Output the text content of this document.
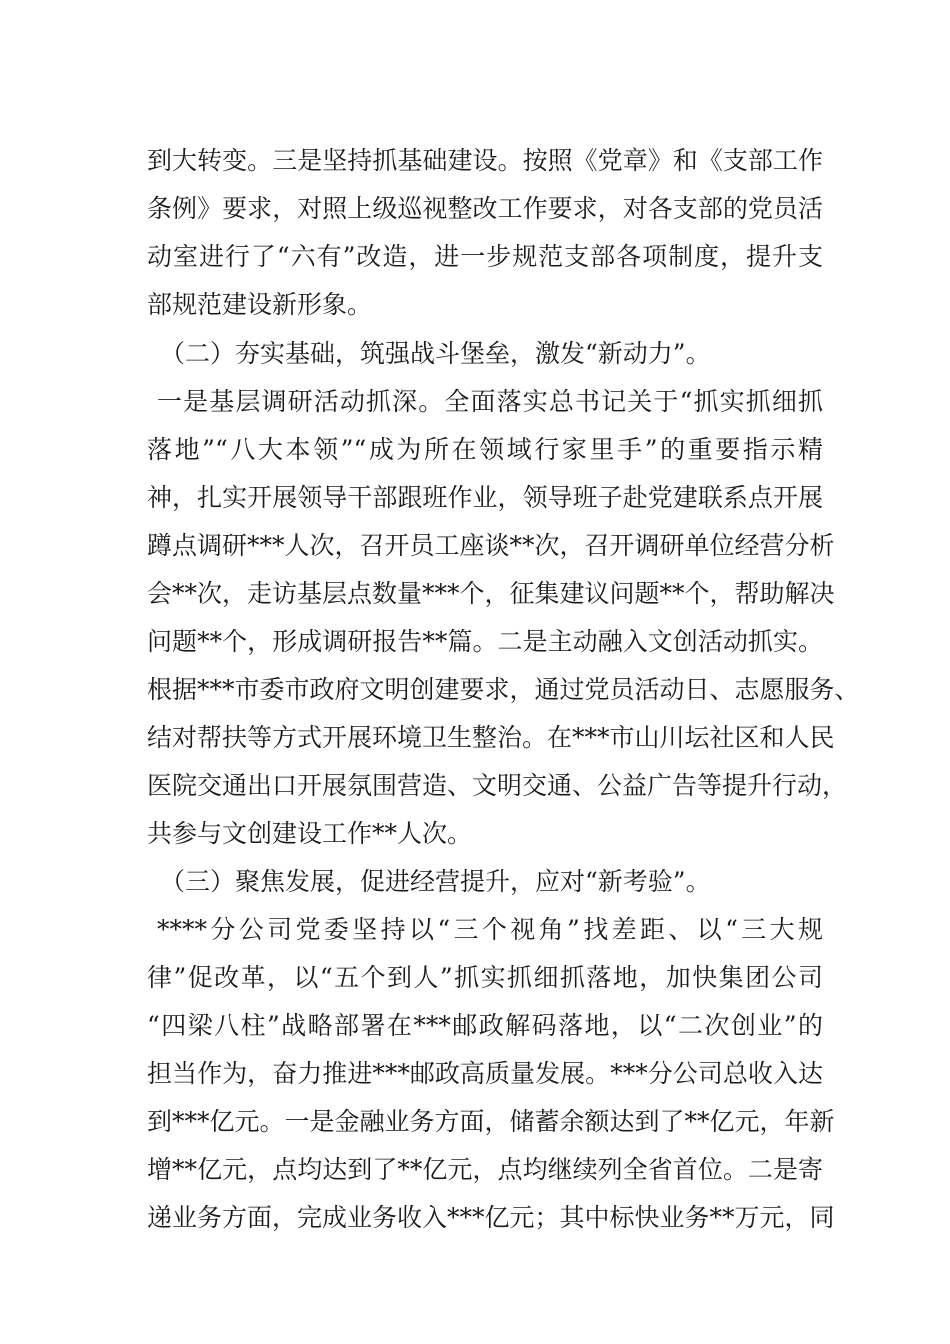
到大转变。三是坚持抓基础建设。按照《党章》和《支部工作
条例》要求，对照上级巡视整改工作要求，对各支部的党员活
动室进行了“六有”改造，进一步规范支部各项制度，提升支
部规范建设新形象。
（二）夯实基础，筑强战斗堡垒，激发“新动力”。
一是基层调研活动抓深。全面落实总书记关于“抓实抓细抓
落地”“八大本领”“成为所在领域行家里手”的重要指示精
神，扎实开展领导干部跟班作业，领导班子赴党建联系点开展
蹲点调研***人次，召开员工座谈**次，召开调研单位经营分析
会**次，走访基层点数量***个，征集建议问题**个，帮助解决
问题**个，形成调研报告**篇。二是主动融入文创活动抓实。
根据***市委市政府文明创建要求，通过党员活动日、志愿服务、
结对帮扶等方式开展环境卫生整治。在***市山川坛社区和人民
医院交通出口开展氛围营造、文明交通、公益广告等提升行动，
共参与文创建设工作**人次。
（三）聚焦发展，促进经营提升，应对“新考验”。
****分公司党委坚持以“三个视角”找差距、以“三大规
律”促改革，以“五个到人”抓实抓细抓落地，加快集团公司
“四梁八柱”战略部署在***邮政解码落地，以“二次创业”的
担当作为，奋力推进***邮政高质量发展。***分公司总收入达
到***亿元。一是金融业务方面，储蓄余额达到了**亿元，年新
增**亿元，点均达到了**亿元，点均继续列全省首位。二是寄
递业务方面，完成业务收入***亿元；其中标快业务**万元，同
